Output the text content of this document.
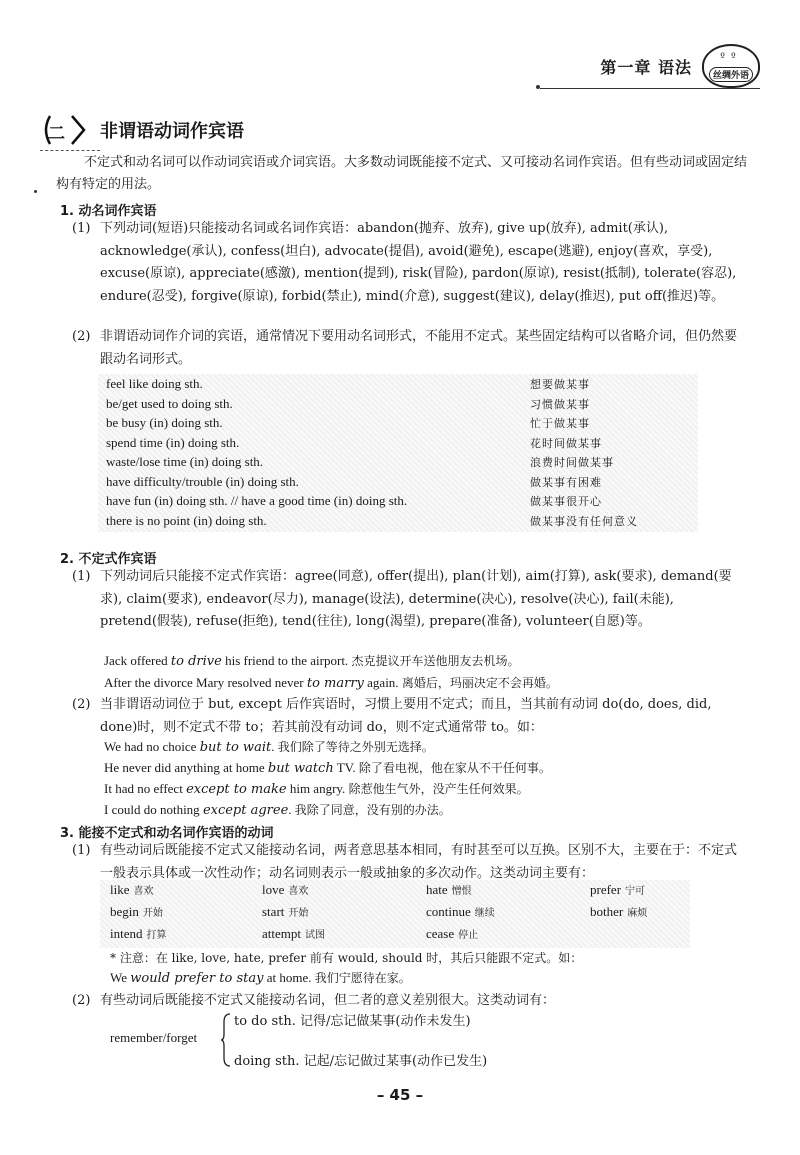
第一章 语法	ºº
丝绸外语
二 非谓语动词作宾语
不定式和动名词可以作动词宾语或介词宾语。大多数动词既能接不定式、又可接动名词作宾语。但有些动词或固定结构有特定的用法。
1. 动名词作宾语
(1) 下列动词(短语)只能接动名词或名词作宾语：abandon(抛弃、放弃), give up(放弃), admit(承认), acknowledge(承认), confess(坦白), advocate(提倡), avoid(避免), escape(逃避), enjoy(喜欢，享受), excuse(原谅), appreciate(感激), mention(提到), risk(冒险), pardon(原谅), resist(抵制), tolerate(容忍), endure(忍受), forgive(原谅), forbid(禁止), mind(介意), suggest(建议), delay(推迟), put off(推迟)等。
(2) 非谓语动词作介词的宾语，通常情况下要用动名词形式，不能用不定式。某些固定结构可以省略介词，但仍然要跟动名词形式。
feel like doing sth.	想要做某事
be/get used to doing sth.	习惯做某事
be busy (in) doing sth.	忙于做某事
spend time (in) doing sth.	花时间做某事
waste/lose time (in) doing sth.	浪费时间做某事
have difficulty/trouble (in) doing sth.	做某事有困难
have fun (in) doing sth. // have a good time (in) doing sth.	做某事很开心
there is no point (in) doing sth.	做某事没有任何意义
2. 不定式作宾语
(1) 下列动词后只能接不定式作宾语：agree(同意), offer(提出), plan(计划), aim(打算), ask(要求), demand(要求), claim(要求), endeavor(尽力), manage(设法), determine(决心), resolve(决心), fail(未能), pretend(假装), refuse(拒绝), tend(往往), long(渴望), prepare(准备), volunteer(自愿)等。
Jack offered to drive his friend to the airport. 杰克提议开车送他朋友去机场。
After the divorce Mary resolved never to marry again. 离婚后，玛丽决定不会再婚。
(2) 当非谓语动词位于 but, except 后作宾语时，习惯上要用不定式；而且，当其前有动词 do(do, does, did, done)时，则不定式不带 to；若其前没有动词 do，则不定式通常带 to。如：
We had no choice but to wait. 我们除了等待之外别无选择。
He never did anything at home but watch TV. 除了看电视，他在家从不干任何事。
It had no effect except to make him angry. 除惹他生气外，没产生任何效果。
I could do nothing except agree. 我除了同意，没有别的办法。
3. 能接不定式和动名词作宾语的动词
(1) 有些动词后既能接不定式又能接动名词，两者意思基本相同，有时甚至可以互换。区别不大，主要在于：不定式一般表示具体或一次性动作；动名词则表示一般或抽象的多次动作。这类动词主要有：
like 喜欢	love 喜欢	hate 憎恨	prefer 宁可
begin 开始	start 开始	continue 继续	bother 麻烦
intend 打算	attempt 试图	cease 停止
* 注意：在 like, love, hate, prefer 前有 would, should 时，其后只能跟不定式。如：
We would prefer to stay at home. 我们宁愿待在家。
(2) 有些动词后既能接不定式又能接动名词，但二者的意义差别很大。这类动词有：
remember/forget
to do sth. 记得/忘记做某事(动作未发生)
doing sth. 记起/忘记做过某事(动作已发生)
– 45 –
